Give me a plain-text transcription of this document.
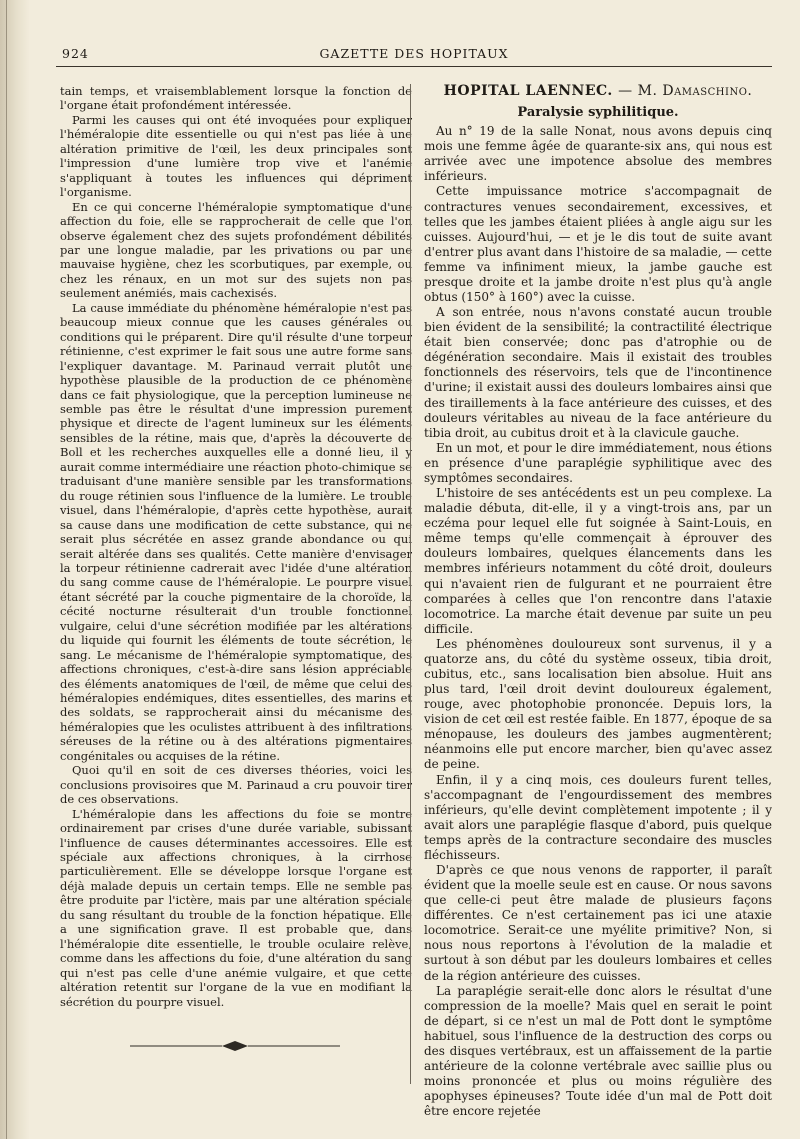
924	GAZETTE DES HOPITAUX

tain temps, et vraisemblablement lorsque la fonction de l'organe était profondément intéressée.

Parmi les causes qui ont été invoquées pour expliquer l'héméralopie dite essentielle ou qui n'est pas liée à une altération primitive de l'œil, les deux principales sont l'impression d'une lumière trop vive et l'anémie s'appliquant à toutes les influences qui dépriment l'organisme.

En ce qui concerne l'héméralopie symptomatique d'une affection du foie, elle se rapprocherait de celle que l'on observe également chez des sujets profondément débilités par une longue maladie, par les privations ou par une mauvaise hygiène, chez les scorbutiques, par exemple, ou chez les rénaux, en un mot sur des sujets non pas seulement anémiés, mais cachexisés.

La cause immédiate du phénomène héméralopie n'est pas beaucoup mieux connue que les causes générales ou conditions qui le préparent. Dire qu'il résulte d'une torpeur rétinienne, c'est exprimer le fait sous une autre forme sans l'expliquer davantage. M. Parinaud verrait plutôt une hypothèse plausible de la production de ce phénomène dans ce fait physiologique, que la perception lumineuse ne semble pas être le résultat d'une impression purement physique et directe de l'agent lumineux sur les éléments sensibles de la rétine, mais que, d'après la découverte de Boll et les recherches auxquelles elle a donné lieu, il y aurait comme intermédiaire une réaction photo-chimique se traduisant d'une manière sensible par les transformations du rouge rétinien sous l'influence de la lumière. Le trouble visuel, dans l'héméralopie, d'après cette hypothèse, aurait sa cause dans une modification de cette substance, qui ne serait plus sécrétée en assez grande abondance ou qui serait altérée dans ses qualités. Cette manière d'envisager la torpeur rétinienne cadrerait avec l'idée d'une altération du sang comme cause de l'héméralopie. Le pourpre visuel étant sécrété par la couche pigmentaire de la choroïde, la cécité nocturne résulterait d'un trouble fonctionnel vulgaire, celui d'une sécrétion modifiée par les altérations du liquide qui fournit les éléments de toute sécrétion, le sang. Le mécanisme de l'héméralopie symptomatique, des affections chroniques, c'est-à-dire sans lésion appréciable des éléments anatomiques de l'œil, de même que celui des héméralopies endémiques, dites essentielles, des marins et des soldats, se rapprocherait ainsi du mécanisme des héméralopies que les oculistes attribuent à des infiltrations séreuses de la rétine ou à des altérations pigmentaires congénitales ou acquises de la rétine.

Quoi qu'il en soit de ces diverses théories, voici les conclusions provisoires que M. Parinaud a cru pouvoir tirer de ces observations.

L'héméralopie dans les affections du foie se montre ordinairement par crises d'une durée variable, subissant l'influence de causes déterminantes accessoires. Elle est spéciale aux affections chroniques, à la cirrhose particulièrement. Elle se développe lorsque l'organe est déjà malade depuis un certain temps. Elle ne semble pas être produite par l'ictère, mais par une altération spéciale du sang résultant du trouble de la fonction hépatique. Elle a une signification grave. Il est probable que, dans l'héméralopie dite essentielle, le trouble oculaire relève, comme dans les affections du foie, d'une altération du sang qui n'est pas celle d'une anémie vulgaire, et que cette altération retentit sur l'organe de la vue en modifiant la sécrétion du pourpre visuel.

HOPITAL LAENNEC. — M. Damaschino.
Paralysie syphilitique.

Au n° 19 de la salle Nonat, nous avons depuis cinq mois une femme âgée de quarante-six ans, qui nous est arrivée avec une impotence absolue des membres inférieurs.

Cette impuissance motrice s'accompagnait de contractures venues secondairement, excessives, et telles que les jambes étaient pliées à angle aigu sur les cuisses. Aujourd'hui, — et je le dis tout de suite avant d'entrer plus avant dans l'histoire de sa maladie, — cette femme va infiniment mieux, la jambe gauche est presque droite et la jambe droite n'est plus qu'à angle obtus (150° à 160°) avec la cuisse.

A son entrée, nous n'avons constaté aucun trouble bien évident de la sensibilité; la contractilité électrique était bien conservée; donc pas d'atrophie ou de dégénération secondaire. Mais il existait des troubles fonctionnels des réservoirs, tels que de l'incontinence d'urine; il existait aussi des douleurs lombaires ainsi que des tiraillements à la face antérieure des cuisses, et des douleurs véritables au niveau de la face antérieure du tibia droit, au cubitus droit et à la clavicule gauche.

En un mot, et pour le dire immédiatement, nous étions en présence d'une paraplégie syphilitique avec des symptômes secondaires.

L'histoire de ses antécédents est un peu complexe. La maladie débuta, dit-elle, il y a vingt-trois ans, par un eczéma pour lequel elle fut soignée à Saint-Louis, en même temps qu'elle commençait à éprouver des douleurs lombaires, quelques élancements dans les membres inférieurs notamment du côté droit, douleurs qui n'avaient rien de fulgurant et ne pourraient être comparées à celles que l'on rencontre dans l'ataxie locomotrice. La marche était devenue par suite un peu difficile.

Les phénomènes douloureux sont survenus, il y a quatorze ans, du côté du système osseux, tibia droit, cubitus, etc., sans localisation bien absolue. Huit ans plus tard, l'œil droit devint douloureux également, rouge, avec photophobie prononcée. Depuis lors, la vision de cet œil est restée faible. En 1877, époque de sa ménopause, les douleurs des jambes augmentèrent; néanmoins elle put encore marcher, bien qu'avec assez de peine.

Enfin, il y a cinq mois, ces douleurs furent telles, s'accompagnant de l'engourdissement des membres inférieurs, qu'elle devint complètement impotente ; il y avait alors une paraplégie flasque d'abord, puis quelque temps après de la contracture secondaire des muscles fléchisseurs.

D'après ce que nous venons de rapporter, il paraît évident que la moelle seule est en cause. Or nous savons que celle-ci peut être malade de plusieurs façons différentes. Ce n'est certainement pas ici une ataxie locomotrice. Serait-ce une myélite primitive? Non, si nous nous reportons à l'évolution de la maladie et surtout à son début par les douleurs lombaires et celles de la région antérieure des cuisses.

La paraplégie serait-elle donc alors le résultat d'une compression de la moelle? Mais quel en serait le point de départ, si ce n'est un mal de Pott dont le symptôme habituel, sous l'influence de la destruction des corps ou des disques vertébraux, est un affaissement de la partie antérieure de la colonne vertébrale avec saillie plus ou moins prononcée et plus ou moins régulière des apophyses épineuses? Toute idée d'un mal de Pott doit être encore rejetée
